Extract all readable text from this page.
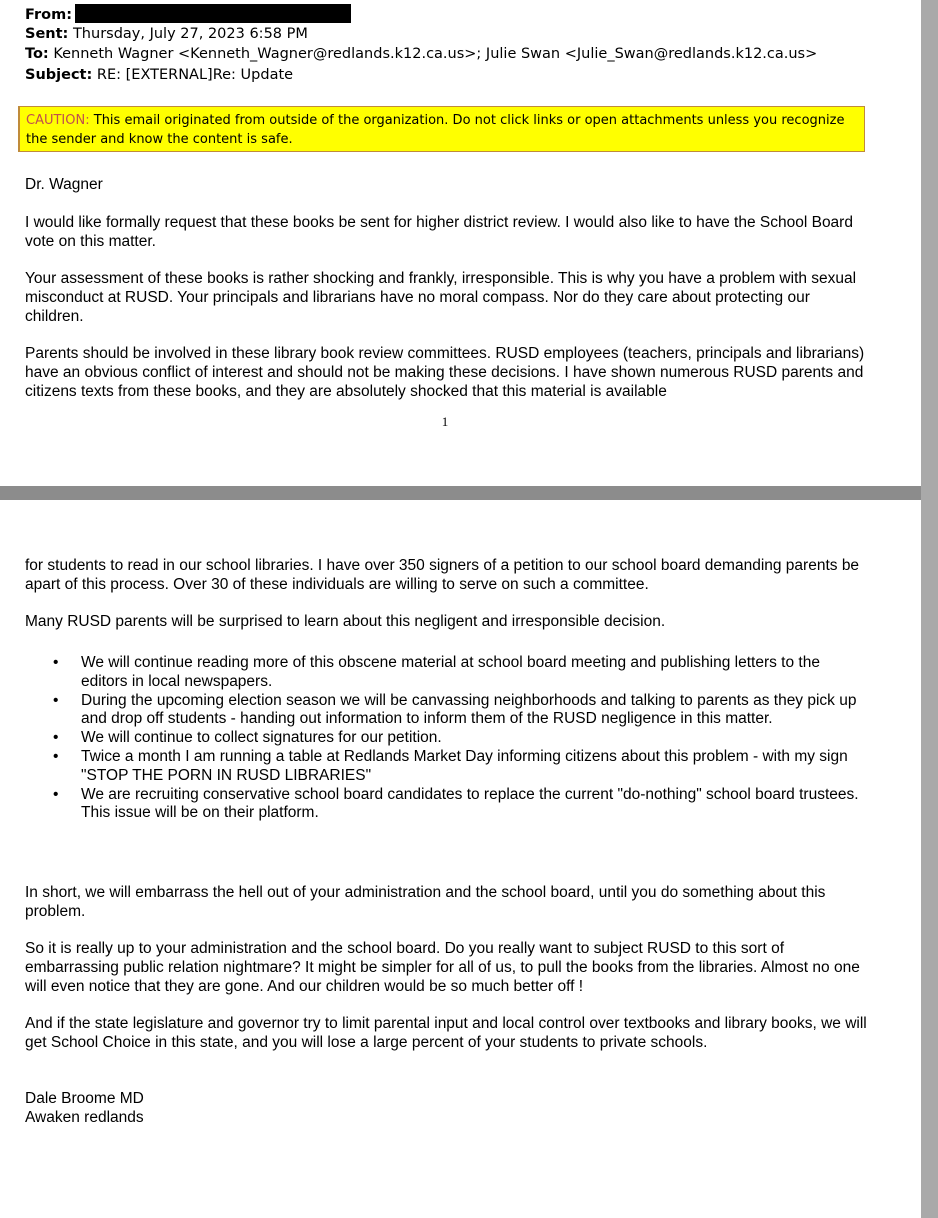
From:
Sent: Thursday, July 27, 2023 6:58 PM
To: Kenneth Wagner <Kenneth_Wagner@redlands.k12.ca.us>; Julie Swan <Julie_Swan@redlands.k12.ca.us>
Subject: RE: [EXTERNAL]Re: Update
CAUTION: This email originated from outside of the organization. Do not click links or open attachments unless you recognize the sender and know the content is safe.

Dr. Wagner

I would like formally request that these books be sent for higher district review. I would also like to have the School Board vote on this matter.

Your assessment of these books is rather shocking and frankly, irresponsible. This is why you have a problem with sexual misconduct at RUSD. Your principals and librarians have no moral compass. Nor do they care about protecting our children.

Parents should be involved in these library book review committees. RUSD employees (teachers, principals and librarians) have an obvious conflict of interest and should not be making these decisions. I have shown numerous RUSD parents and citizens texts from these books, and they are absolutely shocked that this material is available

1

for students to read in our school libraries. I have over 350 signers of a petition to our school board demanding parents be apart of this process. Over 30 of these individuals are willing to serve on such a committee.

Many RUSD parents will be surprised to learn about this negligent and irresponsible decision.

• We will continue reading more of this obscene material at school board meeting and publishing letters to the editors in local newspapers.
• During the upcoming election season we will be canvassing neighborhoods and talking to parents as they pick up and drop off students - handing out information to inform them of the RUSD negligence in this matter.
• We will continue to collect signatures for our petition.
• Twice a month I am running a table at Redlands Market Day informing citizens about this problem - with my sign "STOP THE PORN IN RUSD LIBRARIES"
• We are recruiting conservative school board candidates to replace the current "do-nothing" school board trustees. This issue will be on their platform.

In short, we will embarrass the hell out of your administration and the school board, until you do something about this problem.

So it is really up to your administration and the school board. Do you really want to subject RUSD to this sort of embarrassing public relation nightmare? It might be simpler for all of us, to pull the books from the libraries. Almost no one will even notice that they are gone. And our children would be so much better off !

And if the state legislature and governor try to limit parental input and local control over textbooks and library books, we will get School Choice in this state, and you will lose a large percent of your students to private schools.

Dale Broome MD

Awaken redlands
